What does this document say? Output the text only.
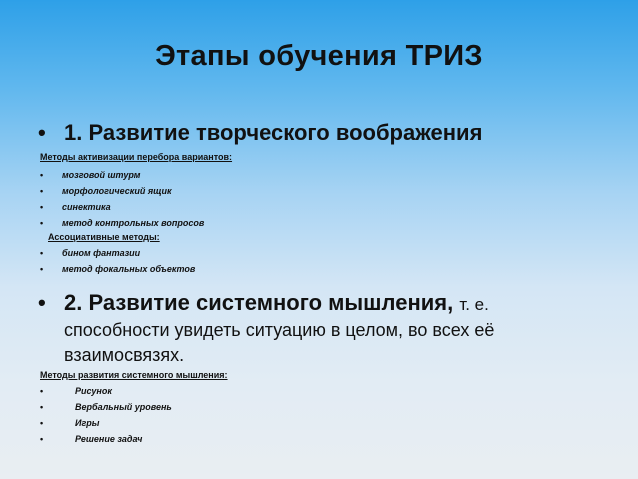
Этапы обучения ТРИЗ
• 1. Развитие творческого воображения
Методы активизации перебора вариантов:
• мозговой штурм
• морфологический ящик
• синектика
• метод контрольных вопросов
Ассоциативные методы:
• бином фантазии
• метод фокальных объектов
• 2. Развитие системного мышления, т. е.
способности увидеть ситуацию в целом, во всех её
взаимосвязях.
Методы развития системного мышления:
•	Рисунок
•	Вербальный уровень
•	Игры
•	Решение задач
